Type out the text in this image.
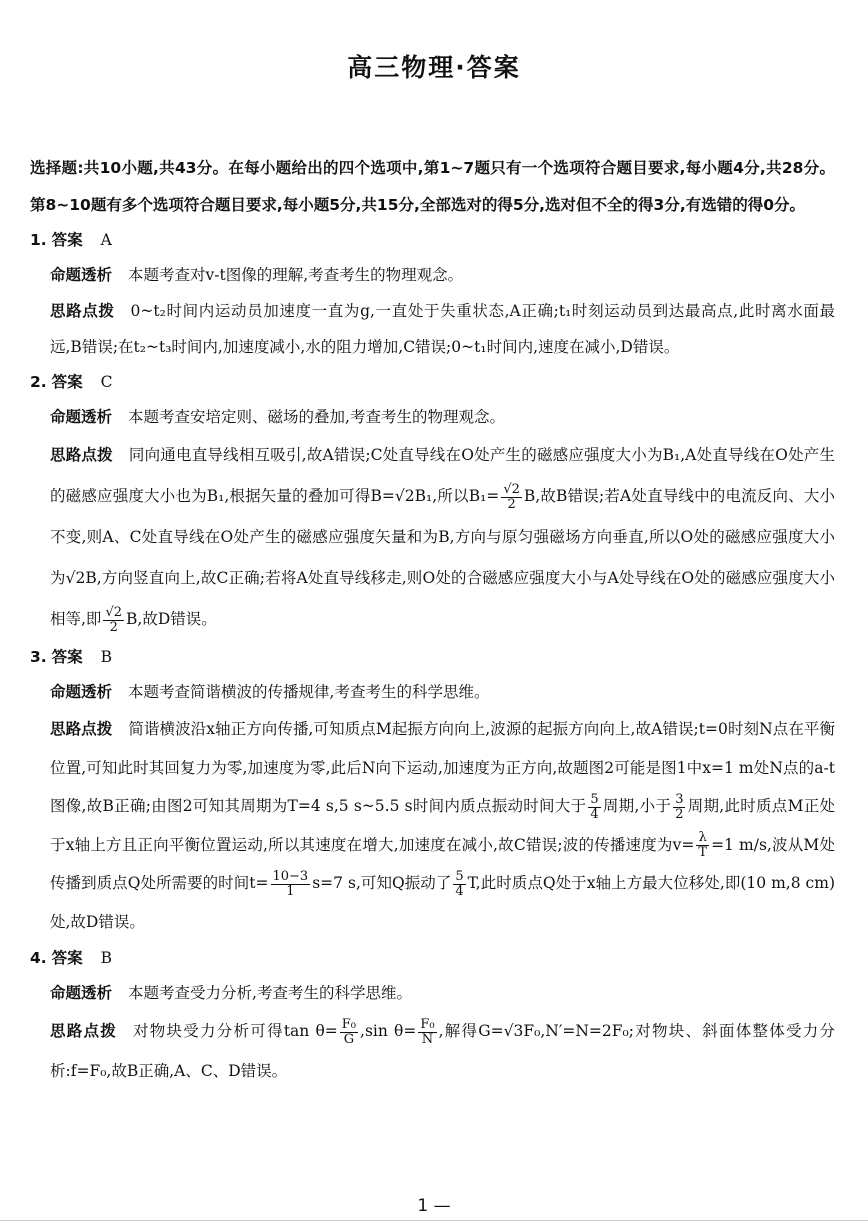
高三物理·答案

选择题:共10小题,共43分。在每小题给出的四个选项中,第1~7题只有一个选项符合题目要求,每小题4分,共28分。第8~10题有多个选项符合题目要求,每小题5分,共15分,全部选对的得5分,选对但不全的得3分,有选错的得0分。

1. 答案 A

命题透析 本题考查对v-t图像的理解,考查考生的物理观念。

思路点拨 0~t₂时间内运动员加速度一直为g,一直处于失重状态,A正确;t₁时刻运动员到达最高点,此时离水面最远,B错误;在t₂~t₃时间内,加速度减小,水的阻力增加,C错误;0~t₁时间内,速度在减小,D错误。

2. 答案 C

命题透析 本题考查安培定则、磁场的叠加,考查考生的物理观念。

思路点拨 同向通电直导线相互吸引,故A错误;C处直导线在O处产生的磁感应强度大小为B₁,A处直导线在O处产生的磁感应强度大小也为B₁,根据矢量的叠加可得B=√2B₁,所以$B_1= \frac{√2}{2} B$,故B错误;若A处直导线中的电流反向、大小不变,则A、C处直导线在O处产生的磁感应强度矢量和为B,方向与原匀强磁场方向垂直,所以O处的磁感应强度大小为√2B,方向竖直向上,故C正确;若将A处直导线移走,则O处的合磁感应强度大小与A处导线在O处的磁感应强度大小相等,即 $\frac{√2}{2} B$,故D错误。

3. 答案 B

命题透析 本题考查简谐横波的传播规律,考查考生的科学思维。

思路点拨 简谐横波沿x轴正方向传播,可知质点M起振方向向上,波源的起振方向向上,故A错误;t=0时刻N点在平衡位置,可知此时其回复力为零,加速度为零,此后N向下运动,加速度为正方向,故题图2可能是图1中x=1 m处N点的a-t图像,故B正确;由图2可知其周期为T=4 s,5 s~5.5 s时间内质点振动时间大于 $\frac{5}{4}$ 周期,小于 $\frac{3}{2}$ 周期,此时质点M正处于x轴上方且正向平衡位置运动,所以其速度在增大,加速度在减小,故C错误;波的传播速度为$v= \frac{\lambda}{T} =1$ m/s,波从M处传播到质点Q处所需要的时间$t= \frac{10-3}{1} s=7$ s,可知Q振动了 $\frac{5}{4} T$,此时质点Q处于x轴上方最大位移处,即(10 m,8 cm)处,故D错误。

4. 答案 B

命题透析 本题考查受力分析,考查考生的科学思维。

思路点拨 对物块受力分析可得$\tan \theta= \frac{\text{F₀}}{G} ,\sin$ $\theta= \frac{\text{F₀}}{N}$ ,解得G=√3F₀,N′=N=2F₀;对物块、斜面体整体受力分析:f=F₀,故B正确,A、C、D错误。

1 —
